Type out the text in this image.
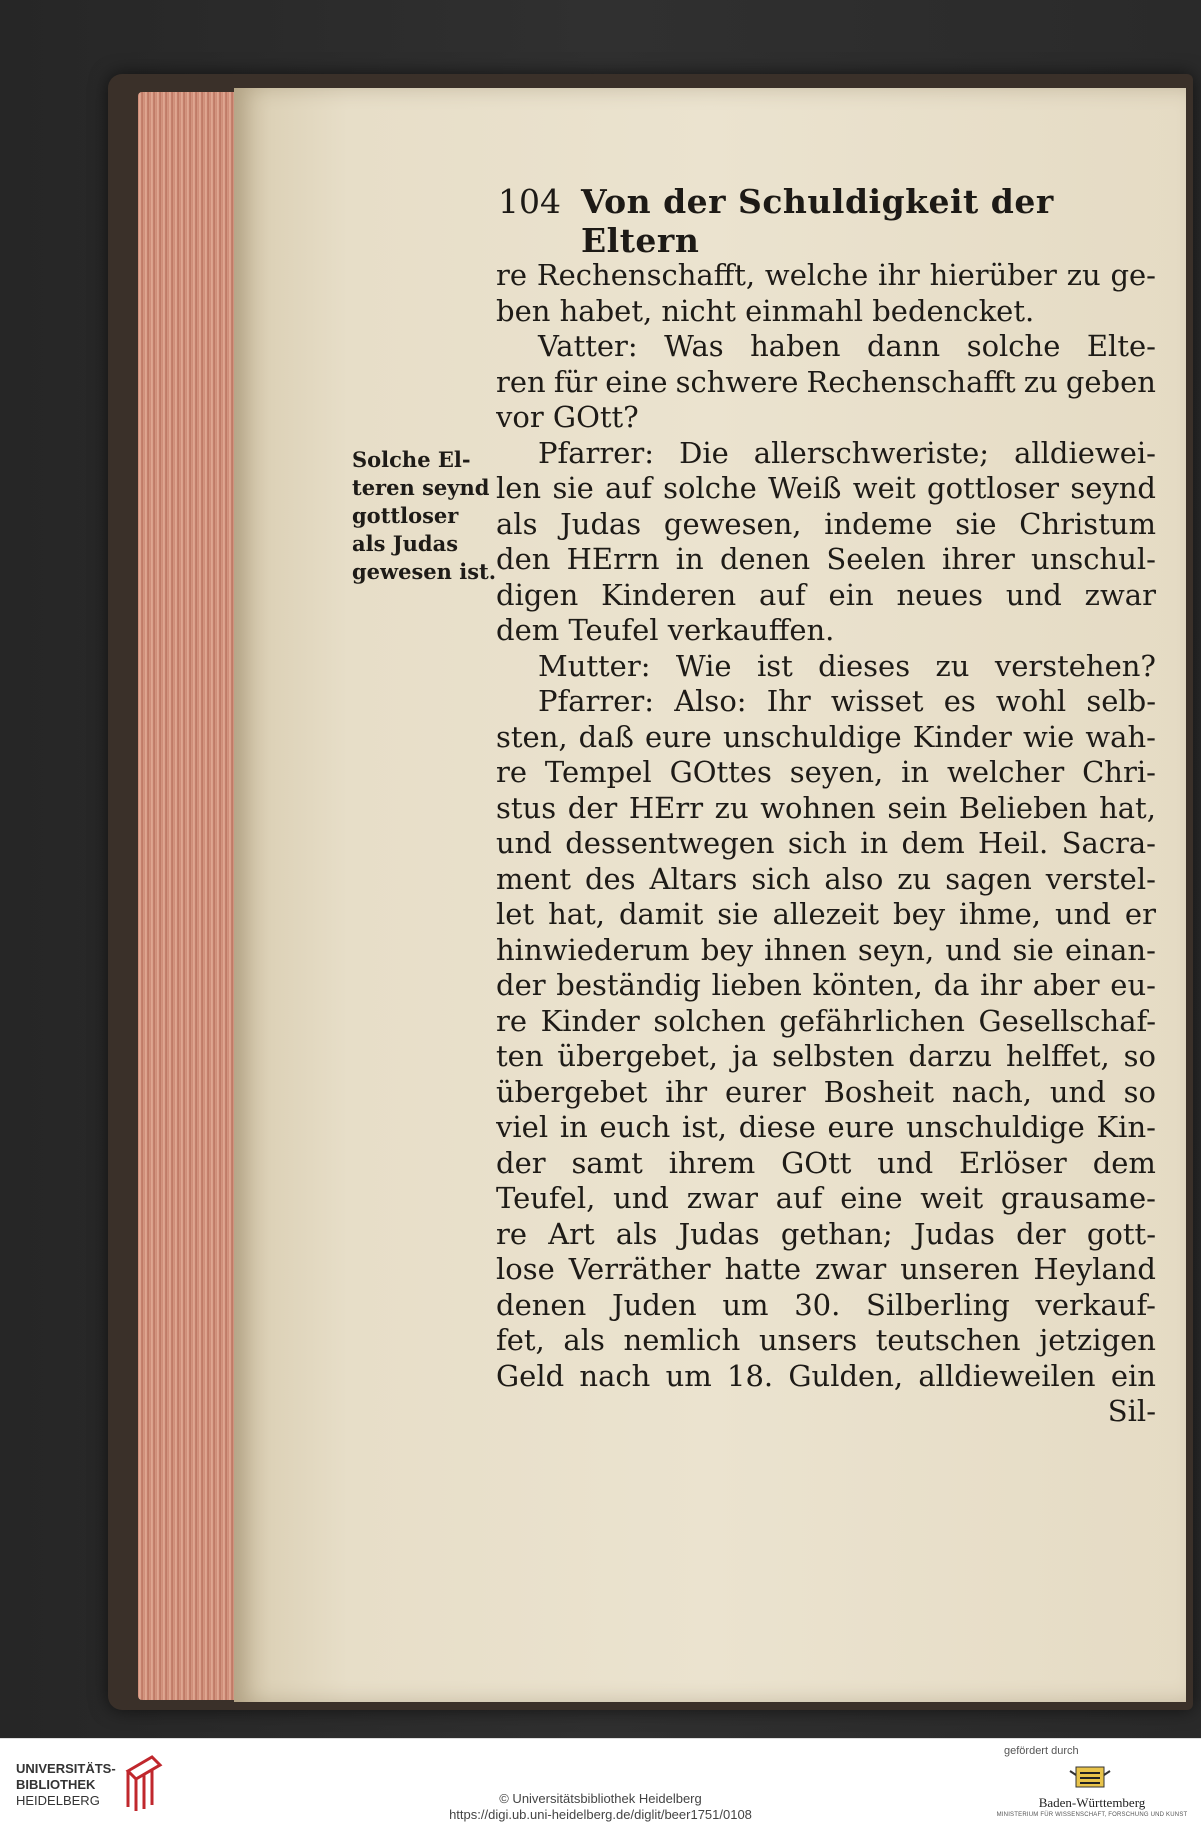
104 Von der Schuldigkeit der Eltern
Solche El-
teren seynd
gottloser
als Judas
gewesen ist.
re Rechenschafft, welche ihr hierüber zu ge-
ben habet, nicht einmahl bedencket.
Vatter: Was haben dann solche Elte-
ren für eine schwere Rechenschafft zu geben
vor GOtt?
Pfarrer: Die allerschweriste; alldiewei-
len sie auf solche Weiß weit gottloser seynd
als Judas gewesen, indeme sie Christum
den HErrn in denen Seelen ihrer unschul-
digen Kinderen auf ein neues und zwar
dem Teufel verkauffen.
Mutter: Wie ist dieses zu verstehen?
Pfarrer: Also: Ihr wisset es wohl selb-
sten, daß eure unschuldige Kinder wie wah-
re Tempel GOttes seyen, in welcher Chri-
stus der HErr zu wohnen sein Belieben hat,
und dessentwegen sich in dem Heil. Sacra-
ment des Altars sich also zu sagen verstel-
let hat, damit sie allezeit bey ihme, und er
hinwiederum bey ihnen seyn, und sie einan-
der beständig lieben könten, da ihr aber eu-
re Kinder solchen gefährlichen Gesellschaf-
ten übergebet, ja selbsten darzu helffet, so
übergebet ihr eurer Bosheit nach, und so
viel in euch ist, diese eure unschuldige Kin-
der samt ihrem GOtt und Erlöser dem
Teufel, und zwar auf eine weit grausame-
re Art als Judas gethan; Judas der gott-
lose Verräther hatte zwar unseren Heyland
denen Juden um 30. Silberling verkauf-
fet, als nemlich unsers teutschen jetzigen
Geld nach um 18. Gulden, alldieweilen ein
Sil-
UNIVERSITÄTS-
BIBLIOTHEK
HEIDELBERG	© Universitätsbibliothek Heidelberg
https://digi.ub.uni-heidelberg.de/diglit/beer1751/0108
gefördert durch
Baden-Württemberg
MINISTERIUM FÜR WISSENSCHAFT, FORSCHUNG UND KUNST
